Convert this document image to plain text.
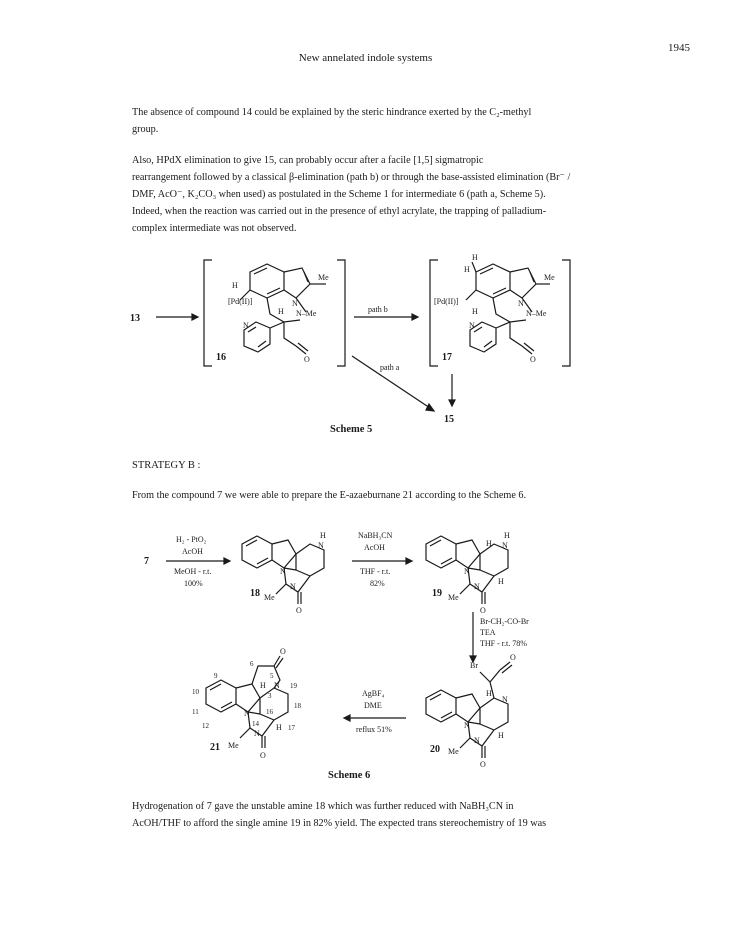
New annelated indole systems
1945

The absence of compound 14 could be explained by the steric hindrance exerted by the C₂-methyl

group.

Also, HPdX elimination to give 15, can probably occur after a facile [1,5] sigmatropic

rearrangement followed by a classical β-elimination (path b) or through the base-assisted elimination (Br⁻ /

DMF, AcO⁻, K₂CO₃ when used) as postulated in the Scheme 1 for intermediate 6 (path a, Scheme 5).

Indeed, when the reaction was carried out in the presence of ethyl acrylate, the trapping of palladium-

complex intermediate was not observed.

13
[Pd(II)]
H
Me
N
H N–Me
N
O
16
path b
path a
[Pd(II)]
H
H
Me
N
H	N–Me
N
O
17
15
Scheme 5
STRATEGY B :
From the compound 7 we were able to prepare the E-azaeburnane 21 according to the Scheme 6.
7
H₂ - PtO₂
AcOH
MeOH - r.t.
100%
H
N
N
N
Me
O
18
NaBH₃CN
AcOH
THF - r.t.
82%
H
H N
N
N
H
Me
O
19
Br-CH₂-CO-Br
TEA
THF - r.t. 78%
Br
O
H
N
N
N
H
Me
O
20
AgBF₄
DME
reflux 51%
O
6
5
9
10
11
12
H N 19
3
18
16
N
14 H 17
N
Me
O
21
Scheme 6

Hydrogenation of 7 gave the unstable amine 18 which was further reduced with NaBH₃CN in

AcOH/THF to afford the single amine 19 in 82% yield. The expected trans stereochemistry of 19 was
